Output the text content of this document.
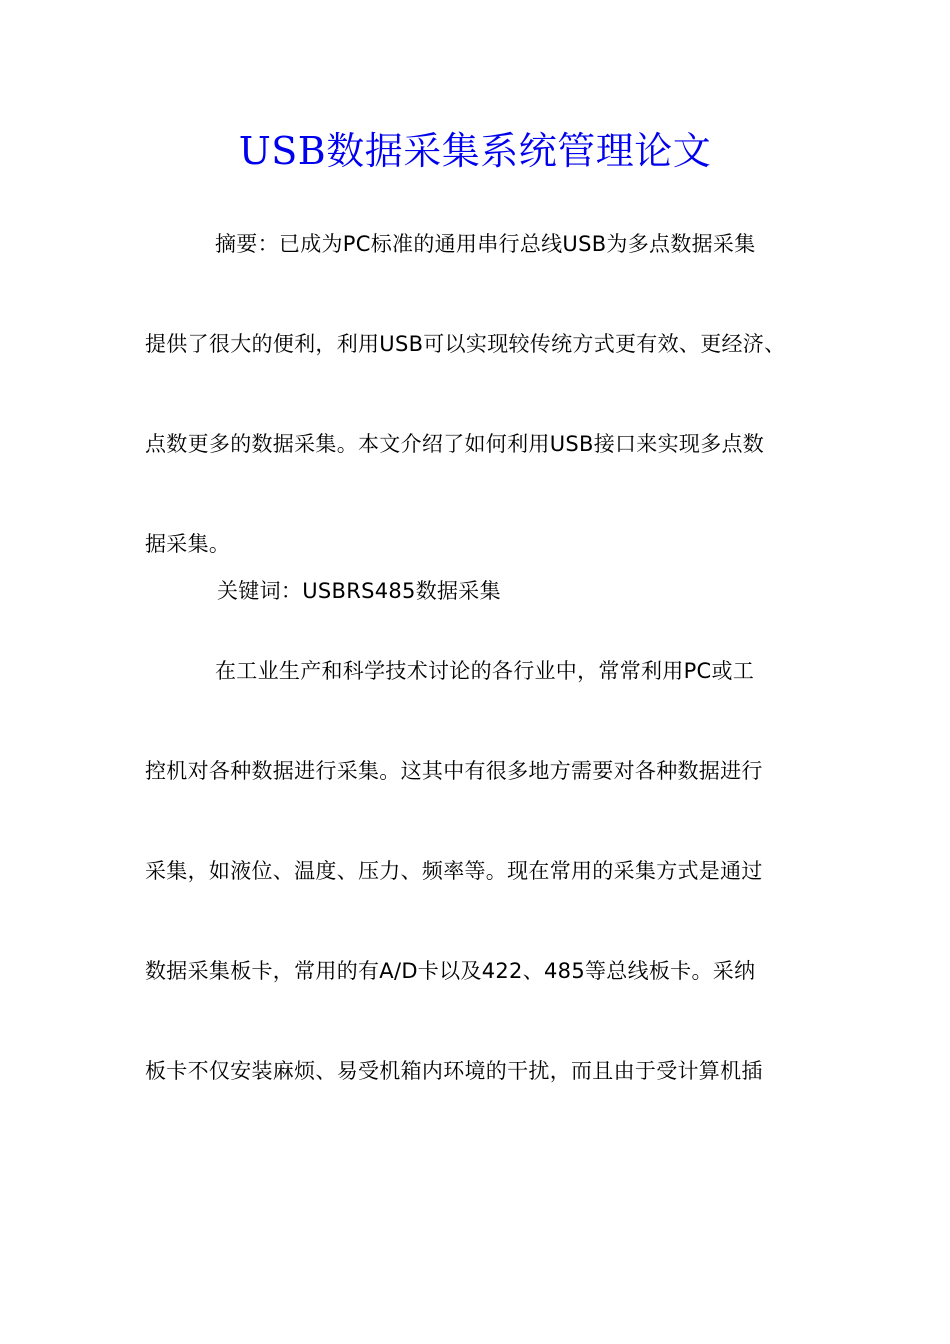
USB数据采集系统管理论文
摘要：已成为PC标准的通用串行总线USB为多点数据采集
提供了很大的便利，利用USB可以实现较传统方式更有效、更经济、
点数更多的数据采集。本文介绍了如何利用USB接口来实现多点数
据采集。
关键词：USBRS485数据采集
在工业生产和科学技术讨论的各行业中，常常利用PC或工
控机对各种数据进行采集。这其中有很多地方需要对各种数据进行
采集，如液位、温度、压力、频率等。现在常用的采集方式是通过
数据采集板卡，常用的有A/D卡以及422、485等总线板卡。采纳
板卡不仅安装麻烦、易受机箱内环境的干扰，而且由于受计算机插
